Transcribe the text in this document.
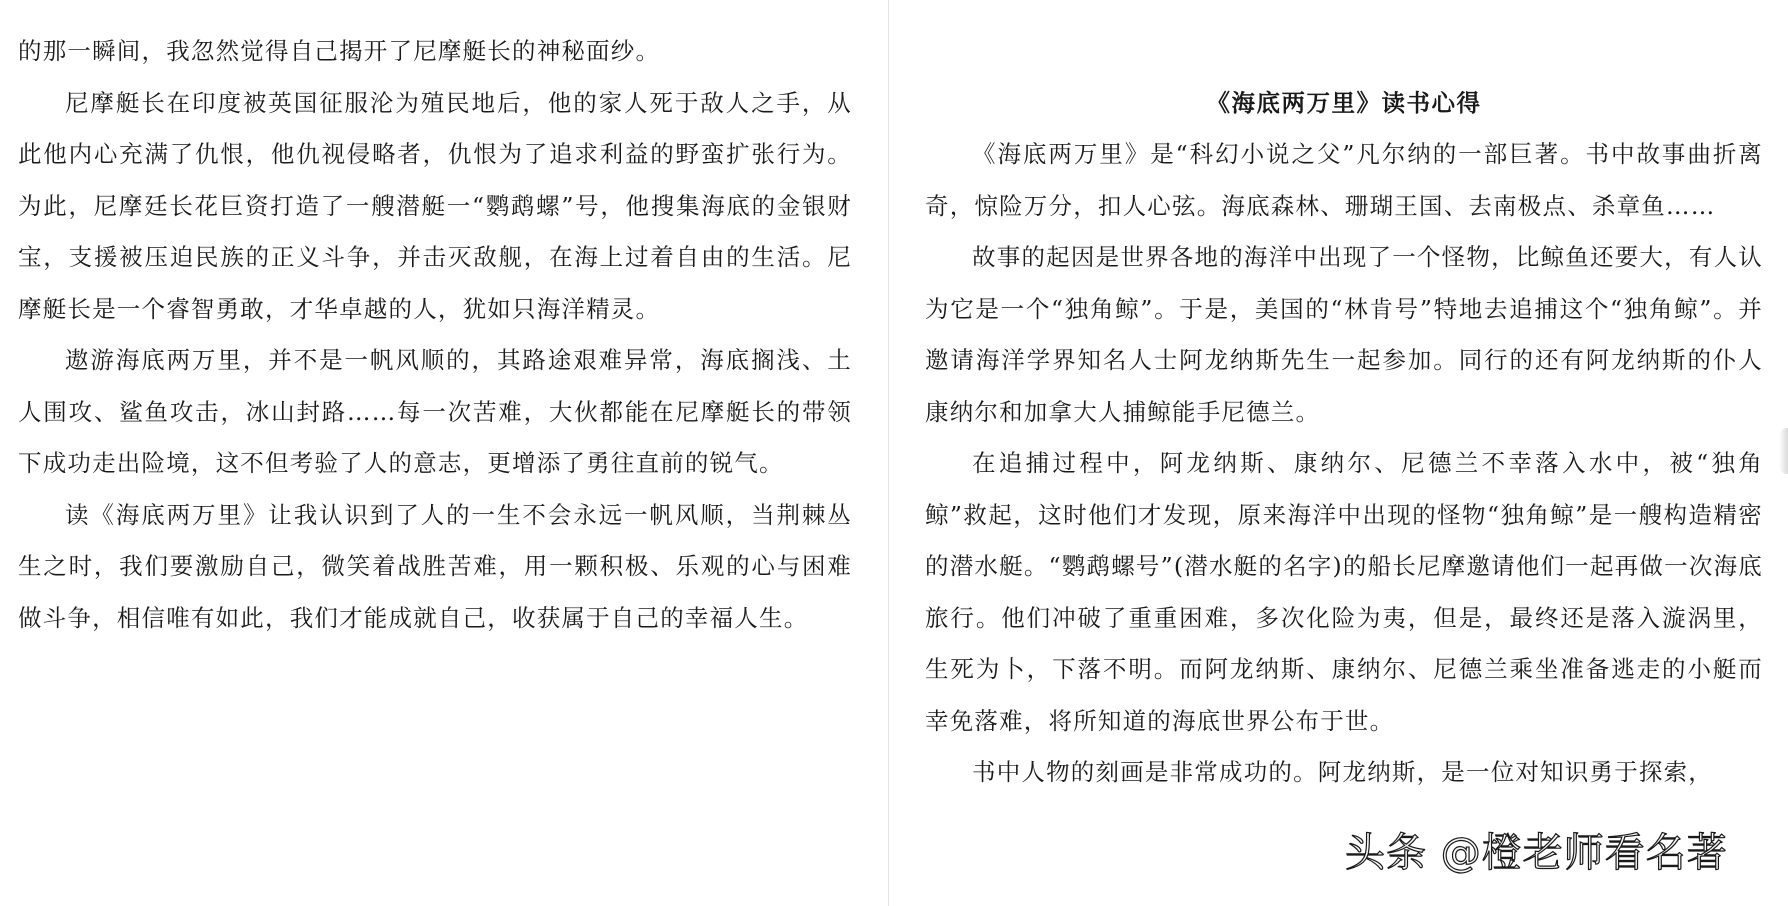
的那一瞬间，我忽然觉得自己揭开了尼摩艇长的神秘面纱。

尼摩艇长在印度被英国征服沦为殖民地后，他的家人死于敌人之手，从此他内心充满了仇恨，他仇视侵略者，仇恨为了追求利益的野蛮扩张行为。为此，尼摩廷长花巨资打造了一艘潜艇一“鹦鹉螺”号，他搜集海底的金银财宝，支援被压迫民族的正义斗争，并击灭敌舰，在海上过着自由的生活。尼摩艇长是一个睿智勇敢，才华卓越的人，犹如只海洋精灵。

遨游海底两万里，并不是一帆风顺的，其路途艰难异常，海底搁浅、土人围攻、鲨鱼攻击，冰山封路……每一次苦难，大伙都能在尼摩艇长的带领下成功走出险境，这不但考验了人的意志，更增添了勇往直前的锐气。

读《海底两万里》让我认识到了人的一生不会永远一帆风顺，当荆棘丛生之时，我们要激励自己，微笑着战胜苦难，用一颗积极、乐观的心与困难做斗争，相信唯有如此，我们才能成就自己，收获属于自己的幸福人生。

《海底两万里》读书心得

《海底两万里》是“科幻小说之父”凡尔纳的一部巨著。书中故事曲折离奇，惊险万分，扣人心弦。海底森林、珊瑚王国、去南极点、杀章鱼……

故事的起因是世界各地的海洋中出现了一个怪物，比鲸鱼还要大，有人认为它是一个“独角鲸”。于是，美国的“林肯号”特地去追捕这个“独角鲸”。并邀请海洋学界知名人士阿龙纳斯先生一起参加。同行的还有阿龙纳斯的仆人康纳尔和加拿大人捕鲸能手尼德兰。

在追捕过程中，阿龙纳斯、康纳尔、尼德兰不幸落入水中，被“独角鲸”救起，这时他们才发现，原来海洋中出现的怪物“独角鲸”是一艘构造精密的潜水艇。“鹦鹉螺号”(潜水艇的名字)的船长尼摩邀请他们一起再做一次海底旅行。他们冲破了重重困难，多次化险为夷，但是，最终还是落入漩涡里，生死为卜，下落不明。而阿龙纳斯、康纳尔、尼德兰乘坐准备逃走的小艇而幸免落难，将所知道的海底世界公布于世。

书中人物的刻画是非常成功的。阿龙纳斯，是一位对知识勇于探索，

头条 @橙老师看名著
